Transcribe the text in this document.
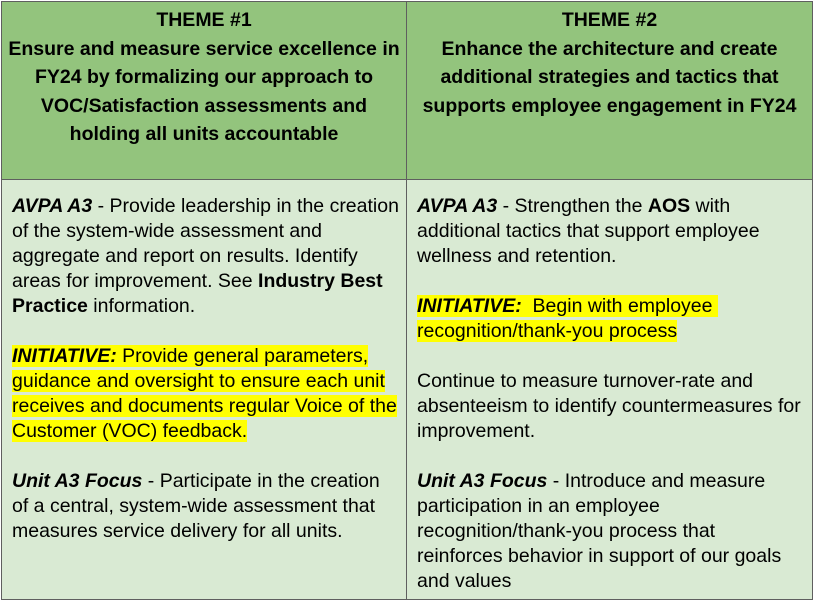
THEME #1
Ensure and measure service excellence in FY24 by formalizing our approach to VOC/Satisfaction assessments and holding all units accountable
THEME #2
Enhance the architecture and create additional strategies and tactics that supports employee engagement in FY24

AVPA A3 - Provide leadership in the creation of the system-wide assessment and aggregate and report on results. Identify areas for improvement. See Industry Best Practice information.

INITIATIVE: Provide general parameters, guidance and oversight to ensure each unit receives and documents regular Voice of the Customer (VOC) feedback.

Unit A3 Focus - Participate in the creation of a central, system-wide assessment that measures service delivery for all units.

AVPA A3 - Strengthen the AOS with additional tactics that support employee wellness and retention.

INITIATIVE:  Begin with employee recognition/thank-you process

Continue to measure turnover-rate and absenteeism to identify countermeasures for improvement.

Unit A3 Focus - Introduce and measure participation in an employee recognition/thank-you process that reinforces behavior in support of our goals and values
